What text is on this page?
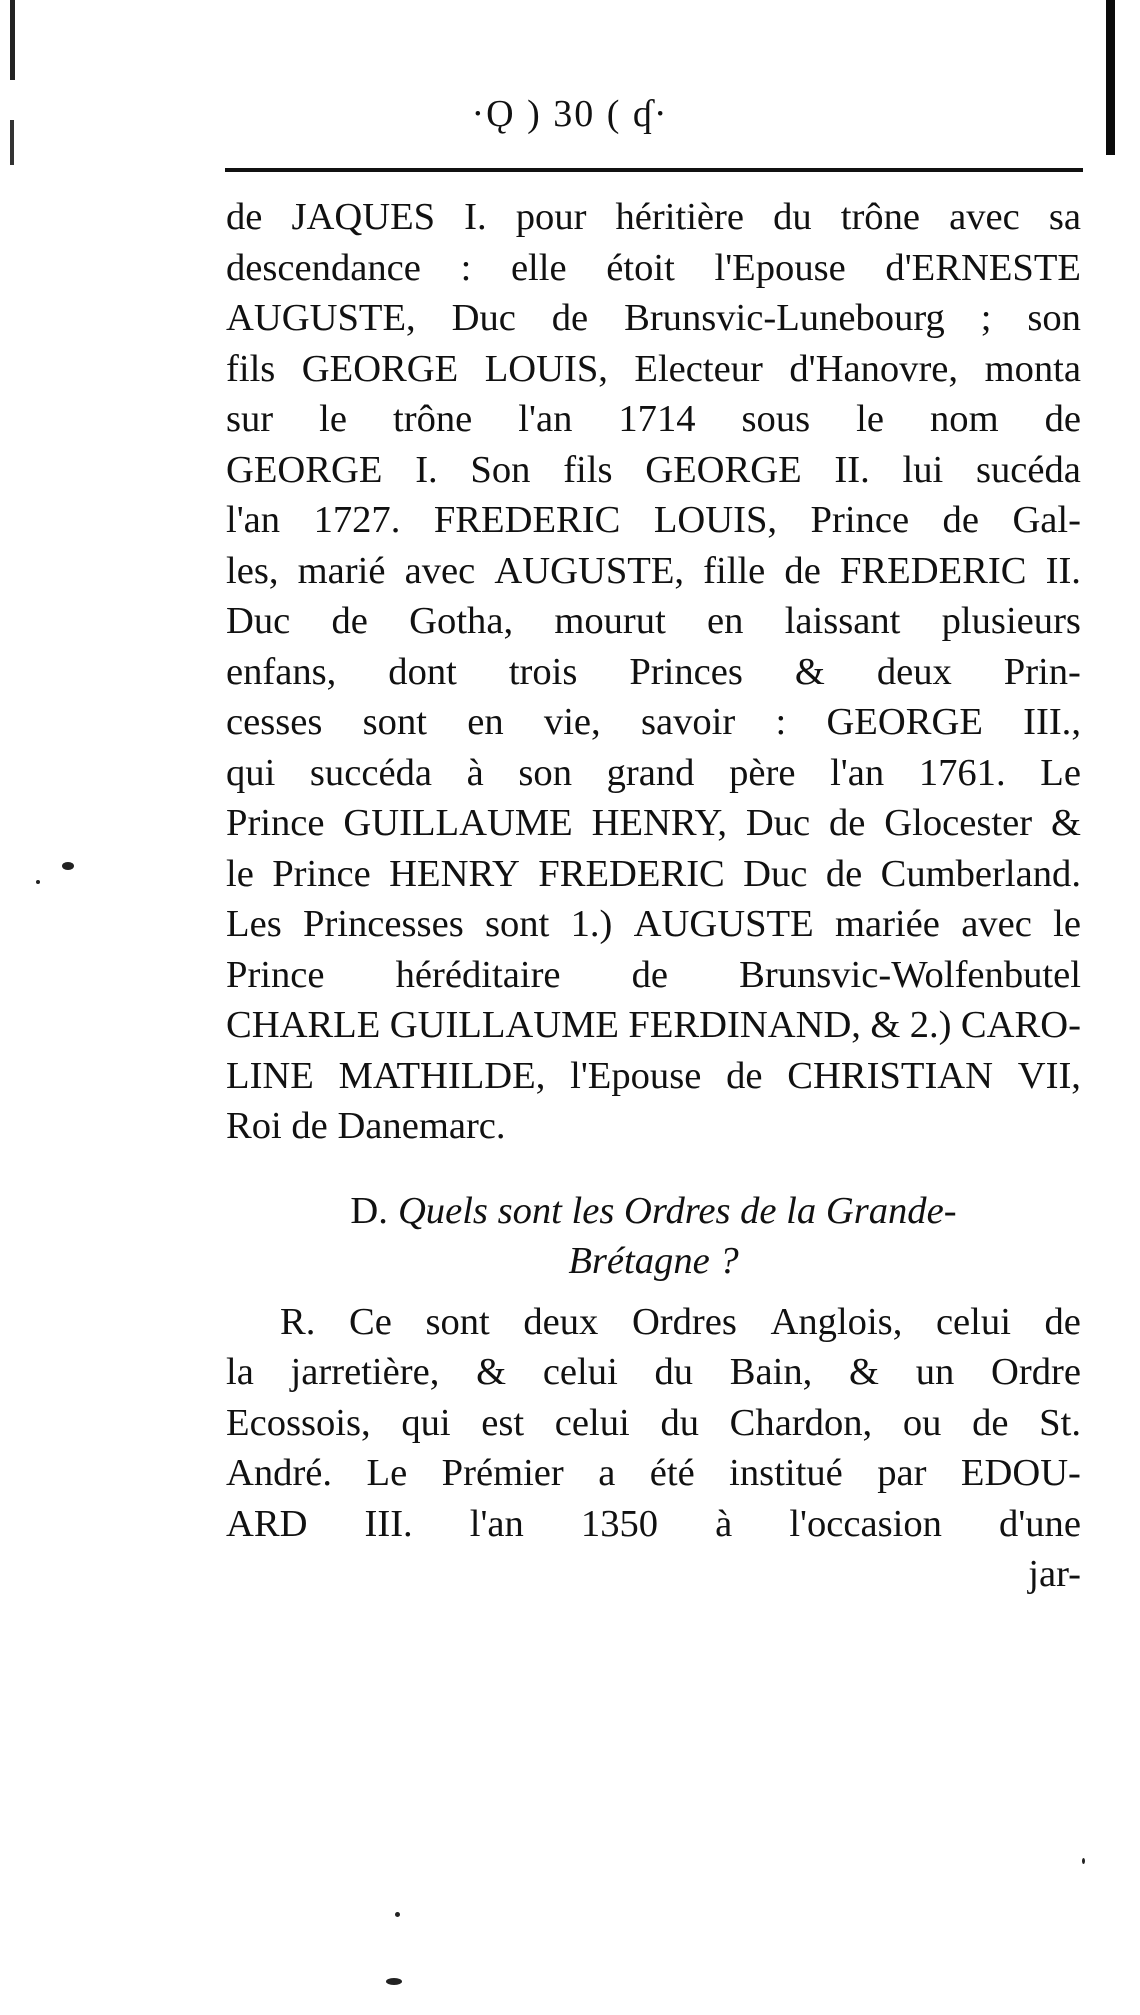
·Ǫ ) 30 ( ʠ·
de JAQUES I. pour héritière du trône avec sa
descendance : elle étoit l'Epouse d'ERNESTE
AUGUSTE, Duc de Brunsvic-Lunebourg ; son
fils GEORGE LOUIS, Electeur d'Hanovre, monta
sur le trône l'an 1714 sous le nom de
GEORGE I. Son fils GEORGE II. lui sucéda
l'an 1727. FREDERIC LOUIS, Prince de Gal-
les, marié avec AUGUSTE, fille de FREDERIC II.
Duc de Gotha, mourut en laissant plusieurs
enfans, dont trois Princes & deux Prin-
cesses sont en vie, savoir : GEORGE III.,
qui succéda à son grand père l'an 1761. Le
Prince GUILLAUME HENRY, Duc de Glocester &
le Prince HENRY FREDERIC Duc de Cumberland.
Les Princesses sont 1.) AUGUSTE mariée avec le
Prince héréditaire de Brunsvic-Wolfenbutel
CHARLE GUILLAUME FERDINAND, & 2.) CARO-
LINE MATHILDE, l'Epouse de CHRISTIAN VII,
Roi de Danemarc.
D. Quels sont les Ordres de la Grande-
Brétagne ?
R. Ce sont deux Ordres Anglois, celui de
la jarretière, & celui du Bain, & un Ordre
Ecossois, qui est celui du Chardon, ou de St.
André. Le Prémier a été institué par EDOU-
ARD III. l'an 1350 à l'occasion d'une
jar-
